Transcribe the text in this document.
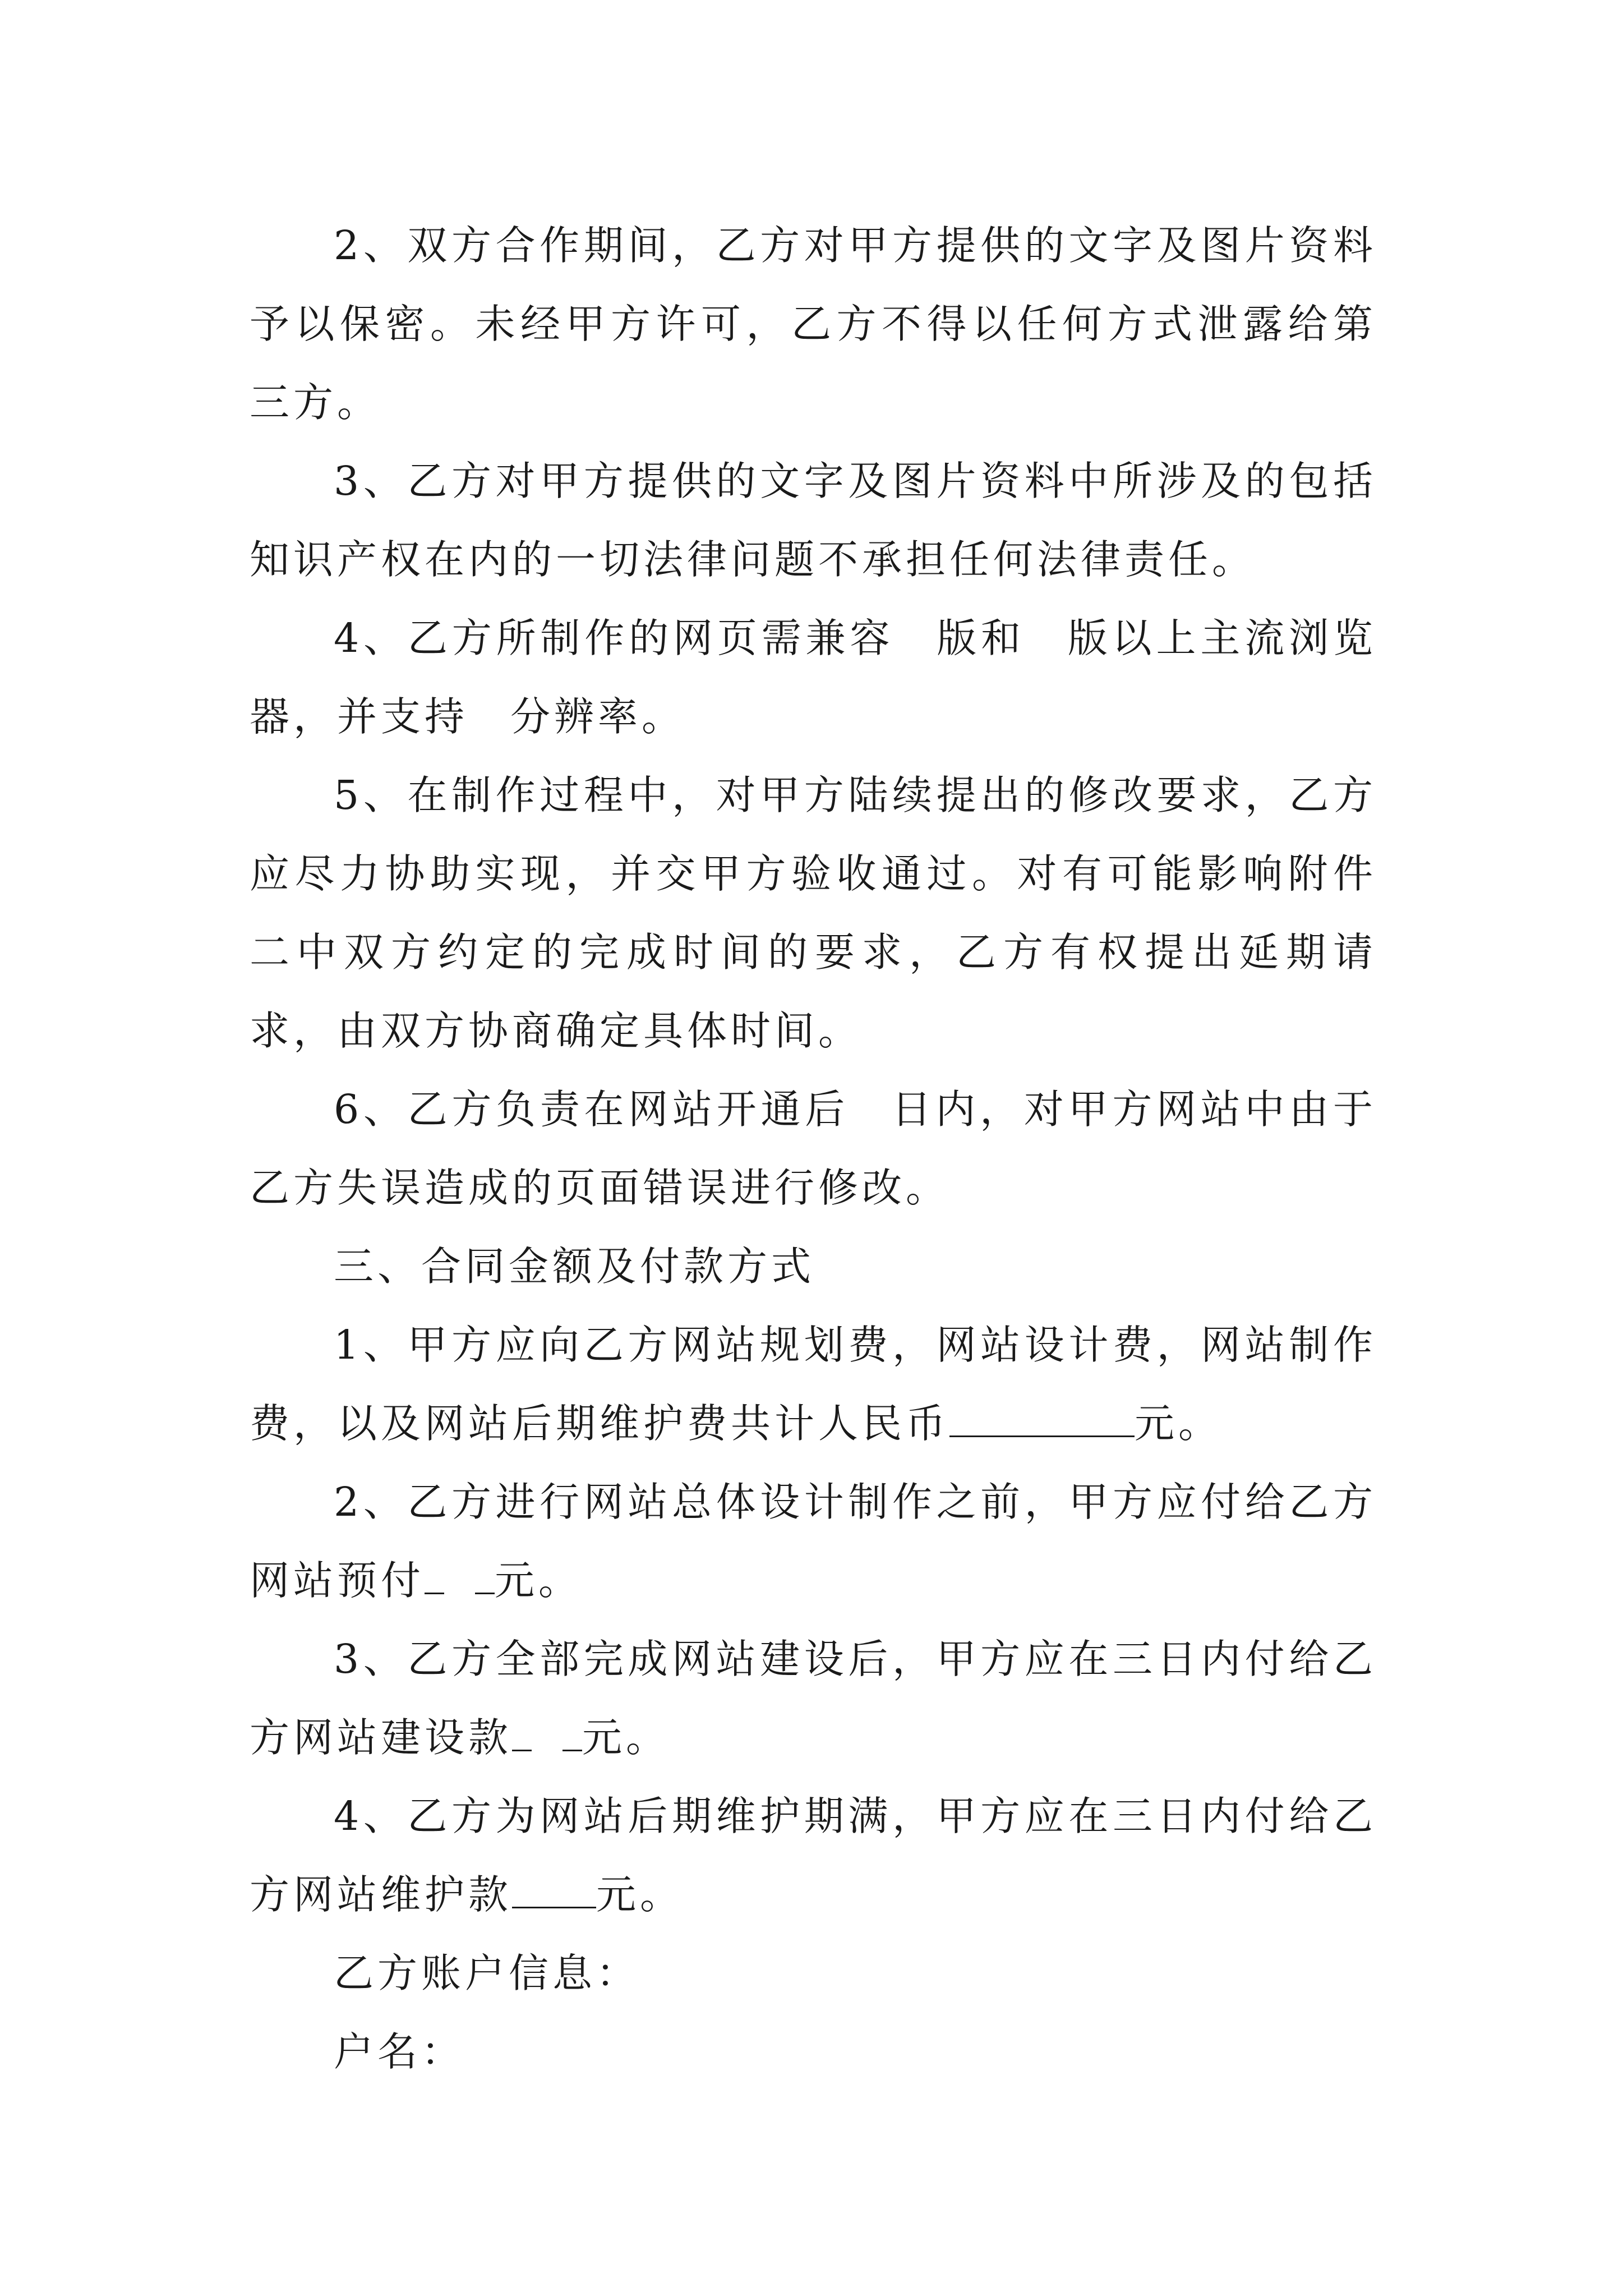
2、双方合作期间，乙方对甲方提供的文字及图片资料予以保密。未经甲方许可，乙方不得以任何方式泄露给第三方。

3、乙方对甲方提供的文字及图片资料中所涉及的包括知识产权在内的一切法律问题不承担任何法律责任。

4、乙方所制作的网页需兼容 版和 版以上主流浏览器，并支持 分辨率。

5、在制作过程中，对甲方陆续提出的修改要求，乙方应尽力协助实现，并交甲方验收通过。对有可能影响附件二中双方约定的完成时间的要求，乙方有权提出延期请求，由双方协商确定具体时间。

6、乙方负责在网站开通后 日内，对甲方网站中由于乙方失误造成的页面错误进行修改。

三、合同金额及付款方式

1、甲方应向乙方网站规划费，网站设计费，网站制作费，以及网站后期维护费共计人民币	元。

2、乙方进行网站总体设计制作之前，甲方应付给乙方网站预付 元。

3、乙方全部完成网站建设后，甲方应在三日内付给乙方网站建设款 元。

4、乙方为网站后期维护期满，甲方应在三日内付给乙方网站维护款 元。

乙方账户信息：

户名：
